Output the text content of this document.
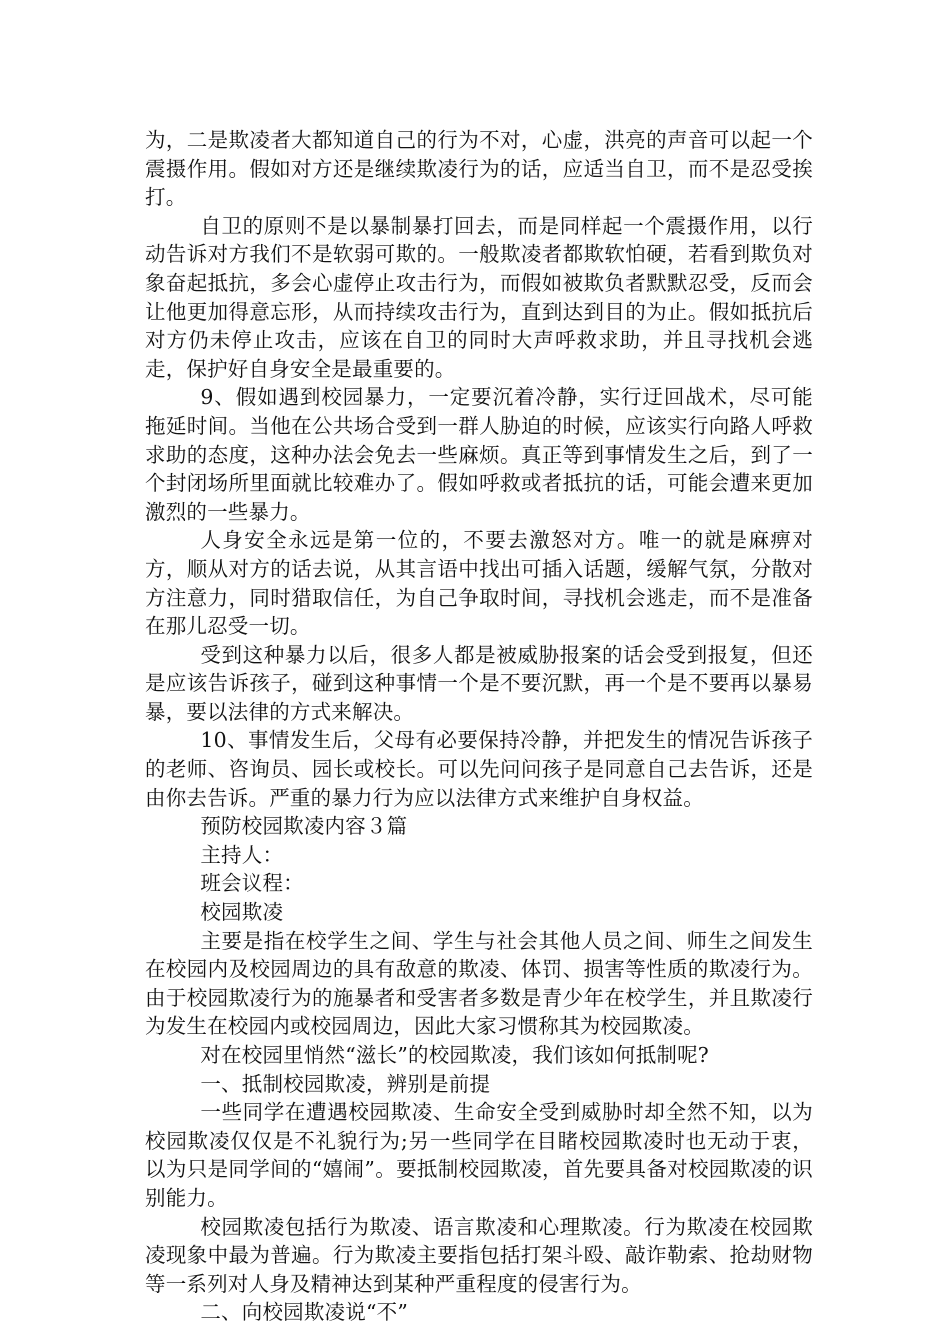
为，二是欺凌者大都知道自己的行为不对，心虚，洪亮的声音可以起一个震摄作用。假如对方还是继续欺凌行为的话，应适当自卫，而不是忍受挨打。

自卫的原则不是以暴制暴打回去，而是同样起一个震摄作用，以行动告诉对方我们不是软弱可欺的。一般欺凌者都欺软怕硬，若看到欺负对象奋起抵抗，多会心虚停止攻击行为，而假如被欺负者默默忍受，反而会让他更加得意忘形，从而持续攻击行为，直到达到目的为止。假如抵抗后对方仍未停止攻击，应该在自卫的同时大声呼救求助，并且寻找机会逃走，保护好自身安全是最重要的。

9、假如遇到校园暴力，一定要沉着冷静，实行迂回战术，尽可能拖延时间。当他在公共场合受到一群人胁迫的时候，应该实行向路人呼救求助的态度，这种办法会免去一些麻烦。真正等到事情发生之后，到了一个封闭场所里面就比较难办了。假如呼救或者抵抗的话，可能会遭来更加激烈的一些暴力。

人身安全永远是第一位的，不要去激怒对方。唯一的就是麻痹对方，顺从对方的话去说，从其言语中找出可插入话题，缓解气氛，分散对方注意力，同时猎取信任，为自己争取时间，寻找机会逃走，而不是准备在那儿忍受一切。

受到这种暴力以后，很多人都是被威胁报案的话会受到报复，但还是应该告诉孩子，碰到这种事情一个是不要沉默，再一个是不要再以暴易暴，要以法律的方式来解决。

10、事情发生后，父母有必要保持冷静，并把发生的情况告诉孩子的老师、咨询员、园长或校长。可以先问问孩子是同意自己去告诉，还是由你去告诉。严重的暴力行为应以法律方式来维护自身权益。

预防校园欺凌内容３篇

主持人：

班会议程：

校园欺凌

主要是指在校学生之间、学生与社会其他人员之间、师生之间发生在校园内及校园周边的具有敌意的欺凌、体罚、损害等性质的欺凌行为。由于校园欺凌行为的施暴者和受害者多数是青少年在校学生，并且欺凌行为发生在校园内或校园周边，因此大家习惯称其为校园欺凌。

对在校园里悄然“滋长”的校园欺凌，我们该如何抵制呢?

一、抵制校园欺凌，辨别是前提

一些同学在遭遇校园欺凌、生命安全受到威胁时却全然不知，以为校园欺凌仅仅是不礼貌行为;另一些同学在目睹校园欺凌时也无动于衷，以为只是同学间的“嬉闹”。要抵制校园欺凌，首先要具备对校园欺凌的识别能力。

校园欺凌包括行为欺凌、语言欺凌和心理欺凌。行为欺凌在校园欺凌现象中最为普遍。行为欺凌主要指包括打架斗殴、敲诈勒索、抢劫财物等一系列对人身及精神达到某种严重程度的侵害行为。

二、向校园欺凌说“不”
